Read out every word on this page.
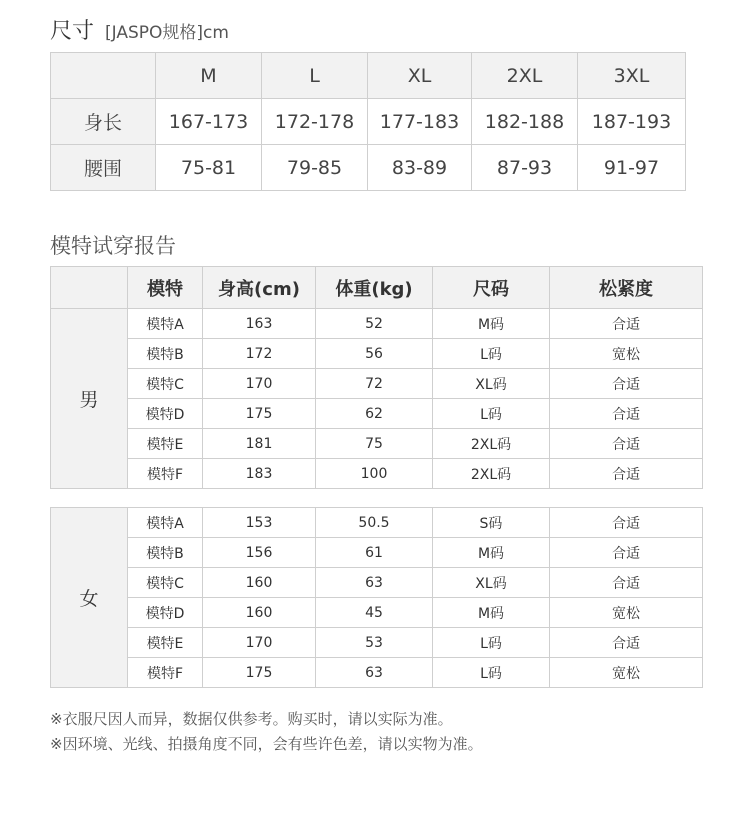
尺寸 [JASPO规格]cm
	M	L	XL	2XL	3XL
身长	167-173	172-178	177-183	182-188	187-193
腰围	75-81	79-85	83-89	87-93	91-97
模特试穿报告
	模特	身高(cm)	体重(kg)	尺码	松紧度
男	模特A	163	52	M码	合适
	模特B	172	56	L码	宽松
	模特C	170	72	XL码	合适
	模特D	175	62	L码	合适
	模特E	181	75	2XL码	合适
	模特F	183	100	2XL码	合适
女	模特A	153	50.5	S码	合适
	模特B	156	61	M码	合适
	模特C	160	63	XL码	合适
	模特D	160	45	M码	宽松
	模特E	170	53	L码	合适
	模特F	175	63	L码	宽松
※衣服尺因人而异，数据仅供参考。购买时，请以实际为准。
※因环境、光线、拍摄角度不同，会有些许色差，请以实物为准。
